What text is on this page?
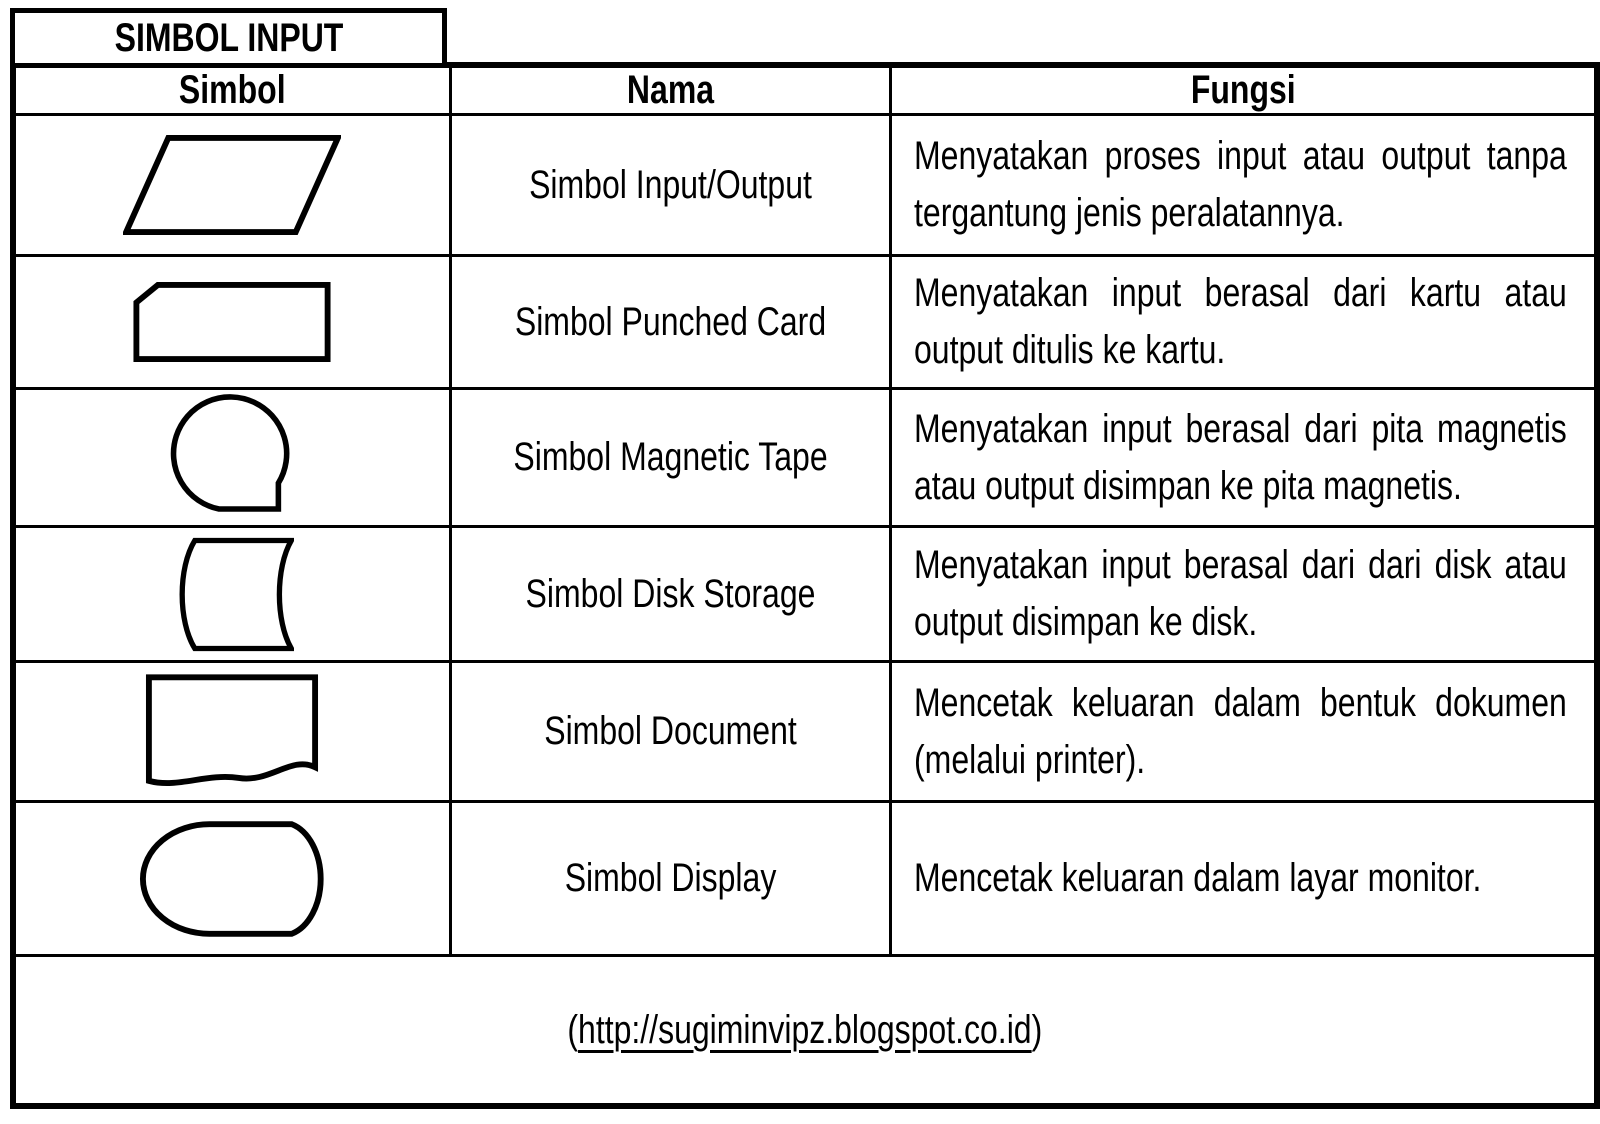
SIMBOL INPUT
Simbol	Nama	Fungsi

Simbol Input/Output	Menyatakan proses input atau output tanpa tergantung jenis peralatannya.

Simbol Punched Card	Menyatakan input berasal dari kartu atau output ditulis ke kartu.

Simbol Magnetic Tape	Menyatakan input berasal dari pita magnetis atau output disimpan ke pita magnetis.

Simbol Disk Storage	Menyatakan input berasal dari dari disk atau output disimpan ke disk.

Simbol Document	Mencetak keluaran dalam bentuk dokumen (melalui printer).

Simbol Display	Mencetak keluaran dalam layar monitor.

(http://sugiminvipz.blogspot.co.id)		
